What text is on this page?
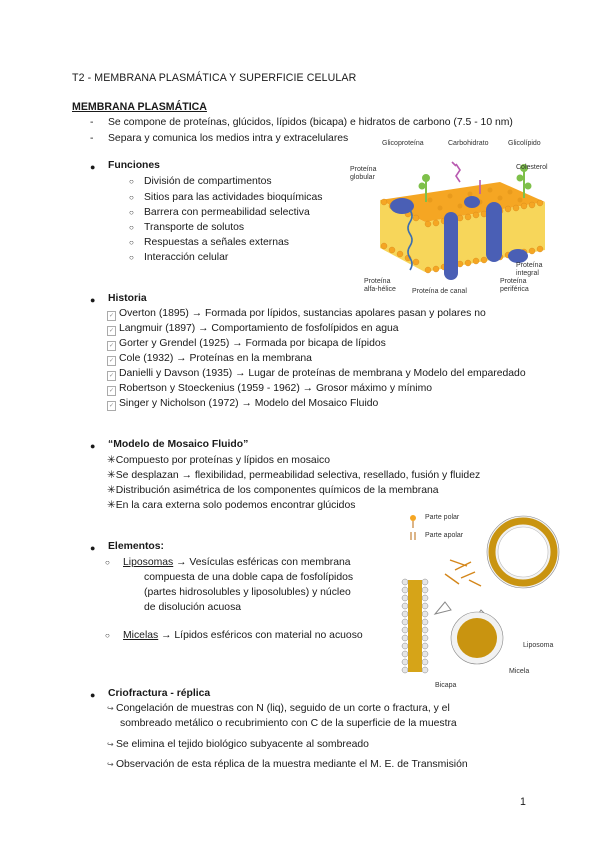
T2 - MEMBRANA PLASMÁTICA Y SUPERFICIE CELULAR
MEMBRANA PLASMÁTICA
- Se compone de proteínas, glúcidos, lípidos (bicapa) e hidratos de carbono (7.5 - 10 nm)
- Separa y comunica los medios intra y extracelulares
● Funciones
○ División de compartimentos
○ Sitios para las actividades bioquímicas
○ Barrera con permeabilidad selectiva
○ Transporte de solutos
○ Respuestas a señales externas
○ Interacción celular
Glicoproteína	Carbohidrato	Glicolípido
Proteína globular
Colesterol
Proteína integral
Proteína alfa-hélice	Proteína de canal
Proteína periférica
● Historia
✓ Overton (1895) → Formada por lípidos, sustancias apolares pasan y polares no
✓ Langmuir (1897) → Comportamiento de fosfolípidos en agua
✓ Gorter y Grendel (1925) → Formada por bicapa de lípidos
✓ Cole (1932) → Proteínas en la membrana
✓ Danielli y Davson (1935) → Lugar de proteínas de membrana y Modelo del emparedado
✓ Robertson y Stoeckenius (1959 - 1962) → Grosor máximo y mínimo
✓ Singer y Nicholson (1972) → Modelo del Mosaico Fluido
● “Modelo de Mosaico Fluido”
✳Compuesto por proteínas y lípidos en mosaico
✳Se desplazan → flexibilidad, permeabilidad selectiva, resellado, fusión y fluidez
✳Distribución asimétrica de los componentes químicos de la membrana
✳En la cara externa solo podemos encontrar glúcidos
● Elementos:
○ Liposomas → Vesículas esféricas con membrana
compuesta de una doble capa de fosfolípidos
(partes hidrosolubles y liposolubles) y núcleo
de disolución acuosa
○ Micelas → Lípidos esféricos con material no acuoso
Parte polar
Parte apolar
Liposoma
Micela
Bicapa
● Criofractura - réplica
↪ Congelación de muestras con N (liq), seguido de un corte o fractura, y el
sombreado metálico o recubrimiento con C de la superficie de la muestra
↪ Se elimina el tejido biológico subyacente al sombreado
↪ Observación de esta réplica de la muestra mediante el M. E. de Transmisión
1
